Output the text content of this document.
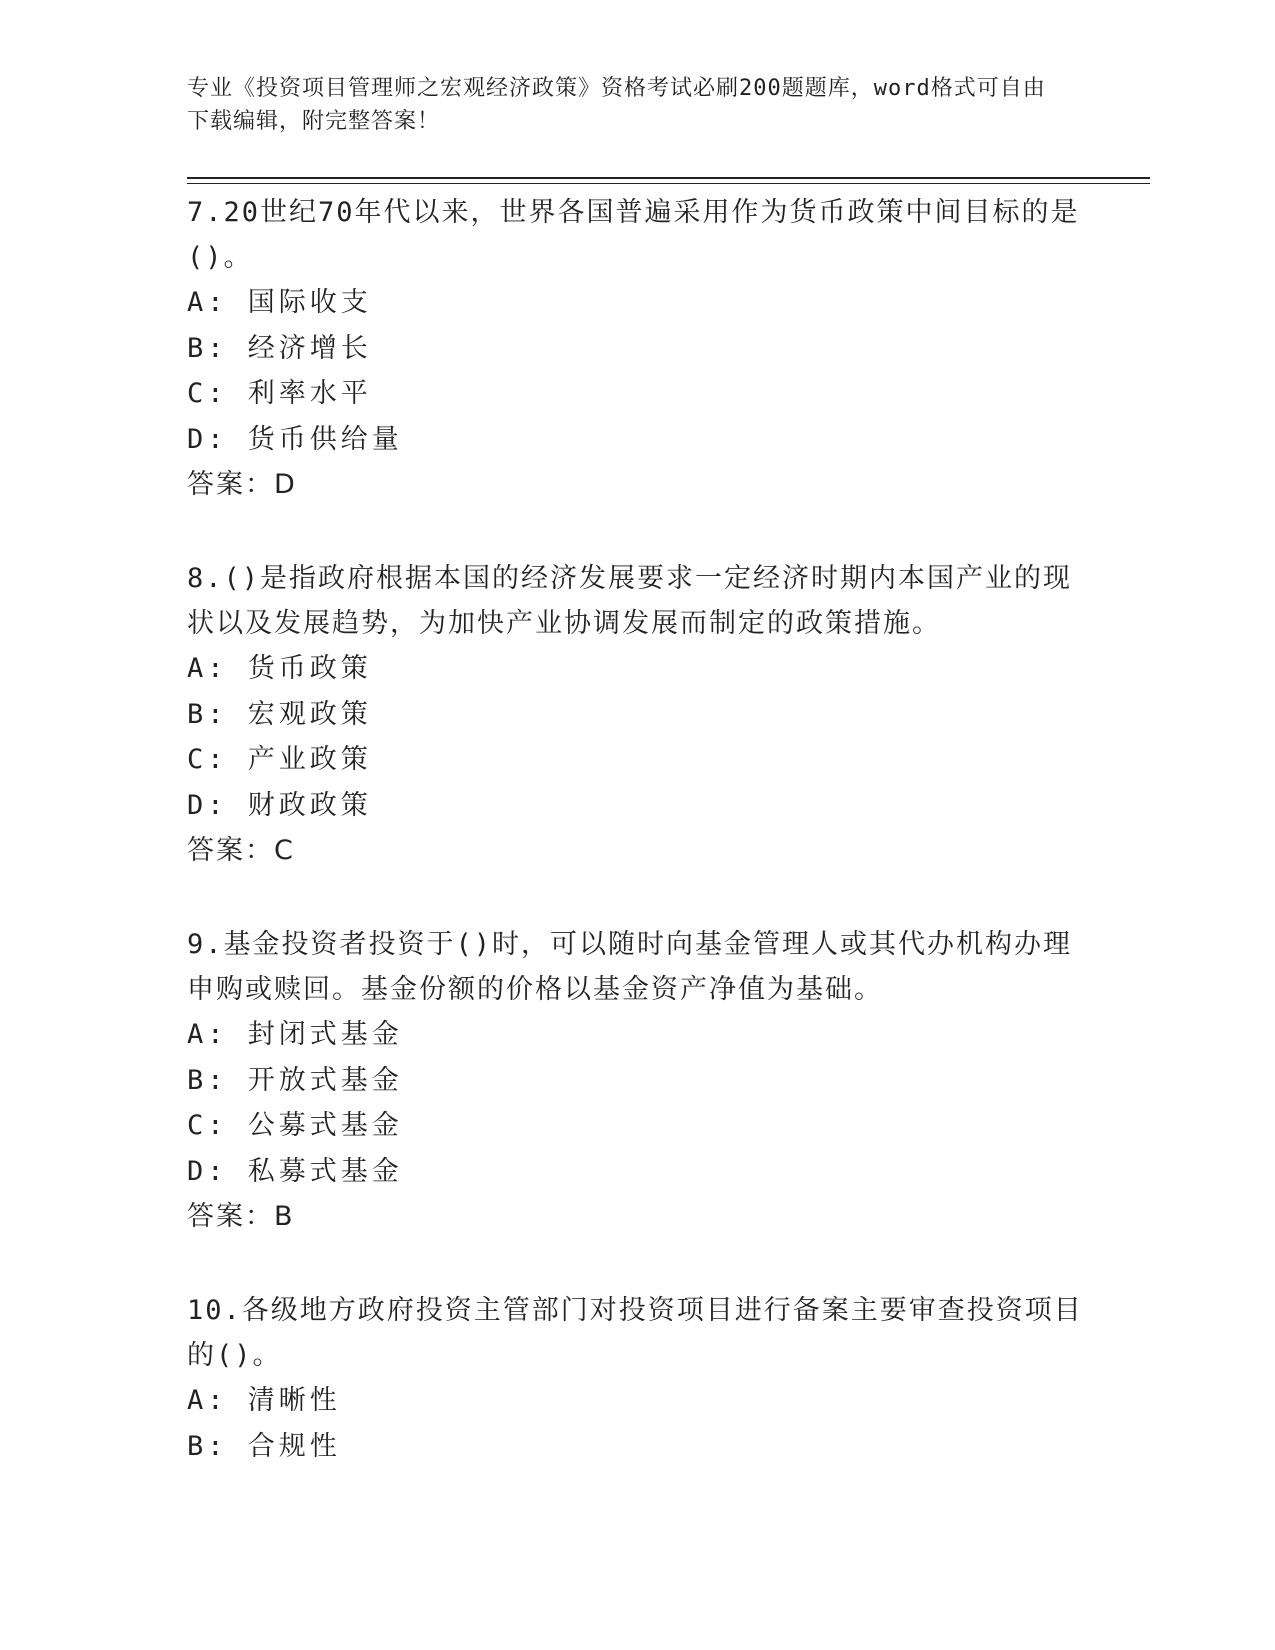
专业《投资项目管理师之宏观经济政策》资格考试必刷200题题库，word格式可自由下载编辑，附完整答案！

7.20世纪70年代以来，世界各国普遍采用作为货币政策中间目标的是()。

A: 国际收支

B: 经济增长

C: 利率水平

D: 货币供给量

答案：D

8.()是指政府根据本国的经济发展要求一定经济时期内本国产业的现状以及发展趋势，为加快产业协调发展而制定的政策措施。

A: 货币政策

B: 宏观政策

C: 产业政策

D: 财政政策

答案：C

9.基金投资者投资于()时，可以随时向基金管理人或其代办机构办理申购或赎回。基金份额的价格以基金资产净值为基础。

A: 封闭式基金

B: 开放式基金

C: 公募式基金

D: 私募式基金

答案：B

10.各级地方政府投资主管部门对投资项目进行备案主要审查投资项目的()。

A: 清晰性

B: 合规性
